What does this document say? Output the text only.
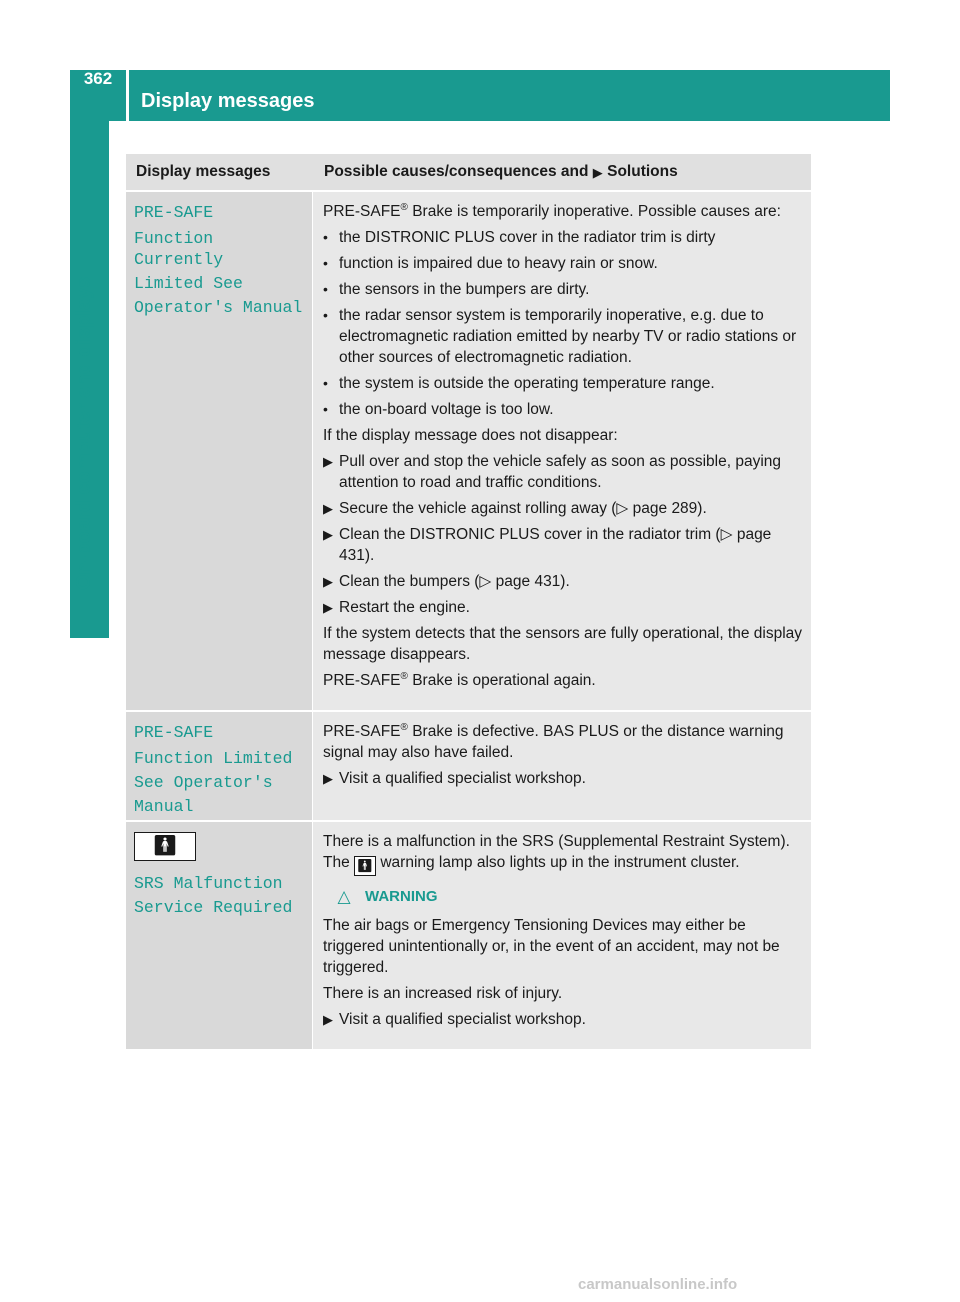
362
Display messages
On-board computer and displays
Display messages	Possible causes/consequences and
▶
Solutions
PRE-SAFE
Function Currently
Limited See
Operator's Manual

PRE-SAFE® Brake is temporarily inoperative. Possible causes are:

• the DISTRONIC PLUS cover in the radiator trim is dirty
• function is impaired due to heavy rain or snow.
• the sensors in the bumpers are dirty.
• the radar sensor system is temporarily inoperative, e.g. due to electromagnetic radiation emitted by nearby TV or radio stations or other sources of electromagnetic radiation.
• the system is outside the operating temperature range.
• the on-board voltage is too low.

If the display message does not disappear:

▶ Pull over and stop the vehicle safely as soon as possible, paying attention to road and traffic conditions.
▶ Secure the vehicle against rolling away (▷ page 289).
▶ Clean the DISTRONIC PLUS cover in the radiator trim (▷ page 431).
▶ Clean the bumpers (▷ page 431).
▶ Restart the engine.

If the system detects that the sensors are fully operational, the display message disappears.

PRE-SAFE® Brake is operational again.

PRE-SAFE
Function Limited
See Operator's
Manual

PRE-SAFE® Brake is defective. BAS PLUS or the distance warning signal may also have failed.

▶ Visit a qualified specialist workshop.
🚹︎
SRS Malfunction
Service Required

There is a malfunction in the SRS (Supplemental Restraint System). The 🚹︎ warning lamp also lights up in the instrument cluster.

△ WARNING

The air bags or Emergency Tensioning Devices may either be triggered unintentionally or, in the event of an accident, may not be triggered.

There is an increased risk of injury.

▶ Visit a qualified specialist workshop.
carmanualsonline.info
